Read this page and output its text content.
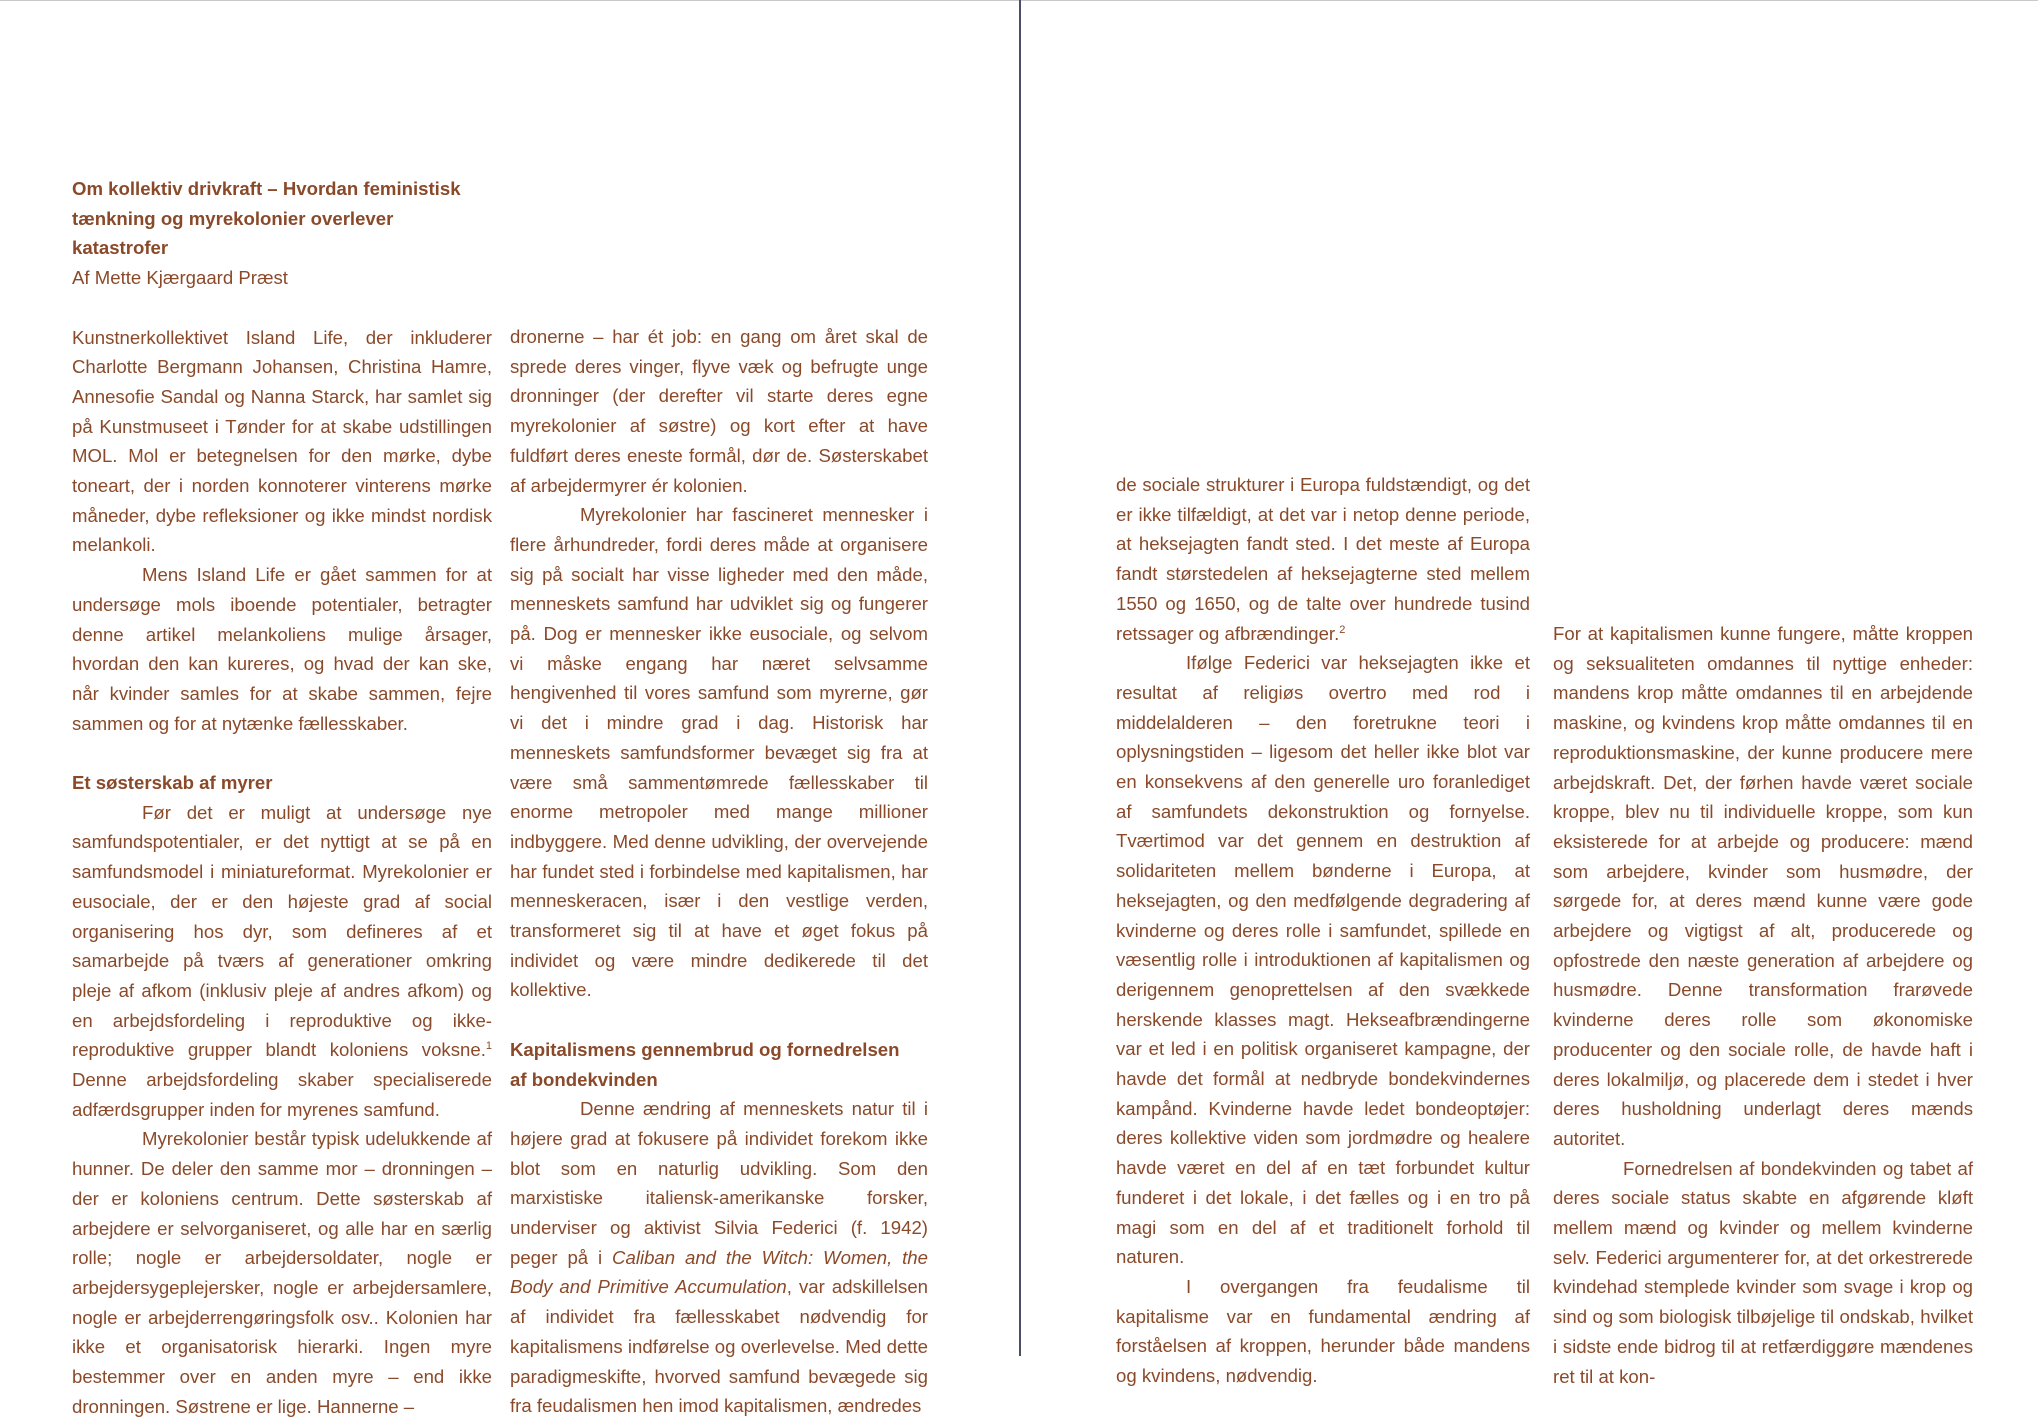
Om kollektiv drivkraft – Hvordan feministisk
tænkning og myrekolonier overlever katastrofer
Af Mette Kjærgaard Præst

Kunstnerkollektivet Island Life, der inkluderer Charlotte Bergmann Johansen, Christina Hamre, Annesofie Sandal og Nanna Starck, har samlet sig på Kunstmuseet i Tønder for at skabe udstillingen MOL. Mol er betegnelsen for den mørke, dybe toneart, der i norden konnoterer vinterens mørke måneder, dybe refleksioner og ikke mindst nordisk melankoli.

Mens Island Life er gået sammen for at undersøge mols iboende potentialer, betragter denne artikel melankoliens mulige årsager, hvordan den kan kureres, og hvad der kan ske, når kvinder samles for at skabe sammen, fejre sammen og for at nytænke fællesskaber.

Et søsterskab af myrer

Før det er muligt at undersøge nye samfundspotentialer, er det nyttigt at se på en samfundsmodel i miniatureformat. Myrekolonier er eusociale, der er den højeste grad af social organisering hos dyr, som defineres af et samarbejde på tværs af generationer omkring pleje af afkom (inklusiv pleje af andres afkom) og en arbejdsfordeling i reproduktive og ikke-reproduktive grupper blandt koloniens voksne.$^1$ Denne arbejdsfordeling skaber specialiserede adfærdsgrupper inden for myrenes samfund.

Myrekolonier består typisk udelukkende af hunner. De deler den samme mor – dronningen – der er koloniens centrum. Dette søsterskab af arbejdere er selvorganiseret, og alle har en særlig rolle; nogle er arbejdersoldater, nogle er arbejdersygeplejersker, nogle er arbejdersamlere, nogle er arbejderrengøringsfolk osv.. Kolonien har ikke et organisatorisk hierarki. Ingen myre bestemmer over en anden myre – end ikke dronningen. Søstrene er lige. Hannerne –

dronerne – har ét job: en gang om året skal de sprede deres vinger, flyve væk og befrugte unge dronninger (der derefter vil starte deres egne myrekolonier af søstre) og kort efter at have fuldført deres eneste formål, dør de. Søsterskabet af arbejdermyrer ér kolonien.

Myrekolonier har fascineret mennesker i flere århundreder, fordi deres måde at organisere sig på socialt har visse ligheder med den måde, menneskets samfund har udviklet sig og fungerer på. Dog er mennesker ikke eusociale, og selvom vi måske engang har næret selvsamme hengivenhed til vores samfund som myrerne, gør vi det i mindre grad i dag. Historisk har menneskets samfundsformer bevæget sig fra at være små sammentømrede fællesskaber til enorme metropoler med mange millioner indbyggere. Med denne udvikling, der overvejende har fundet sted i forbindelse med kapitalismen, har menneskeracen, især i den vestlige verden, transformeret sig til at have et øget fokus på individet og være mindre dedikerede til det kollektive.

Kapitalismens gennembrud og fornedrelsen
af bondekvinden

Denne ændring af menneskets natur til i højere grad at fokusere på individet forekom ikke blot som en naturlig udvikling. Som den marxistiske italiensk-amerikanske forsker, underviser og aktivist Silvia Federici (f. 1942) peger på i Caliban and the Witch: Women, the Body and Primitive Accumulation, var adskillelsen af individet fra fællesskabet nødvendig for kapitalismens indførelse og overlevelse. Med dette paradigmeskifte, hvorved samfund bevægede sig fra feudalismen hen imod kapitalismen, ændredes

de sociale strukturer i Europa fuldstændigt, og det er ikke tilfældigt, at det var i netop denne periode, at heksejagten fandt sted. I det meste af Europa fandt størstedelen af heksejagterne sted mellem 1550 og 1650, og de talte over hundrede tusind retssager og afbrændinger.$^2$

Ifølge Federici var heksejagten ikke et resultat af religiøs overtro med rod i middelalderen – den foretrukne teori i oplysningstiden – ligesom det heller ikke blot var en konsekvens af den generelle uro foranlediget af samfundets dekonstruktion og fornyelse. Tværtimod var det gennem en destruktion af solidariteten mellem bønderne i Europa, at heksejagten, og den medfølgende degradering af kvinderne og deres rolle i samfundet, spillede en væsentlig rolle i introduktionen af kapitalismen og derigennem genoprettelsen af den svækkede herskende klasses magt. Hekseafbrændingerne var et led i en politisk organiseret kampagne, der havde det formål at nedbryde bondekvindernes kampånd. Kvinderne havde ledet bondeoptøjer: deres kollektive viden som jordmødre og healere havde været en del af en tæt forbundet kultur funderet i det lokale, i det fælles og i en tro på magi som en del af et traditionelt forhold til naturen.

I overgangen fra feudalisme til kapitalisme var en fundamental ændring af forståelsen af kroppen, herunder både mandens og kvindens, nødvendig.

For at kapitalismen kunne fungere, måtte kroppen og seksualiteten omdannes til nyttige enheder: mandens krop måtte omdannes til en arbejdende maskine, og kvindens krop måtte omdannes til en reproduktionsmaskine, der kunne producere mere arbejdskraft. Det, der førhen havde været sociale kroppe, blev nu til individuelle kroppe, som kun eksisterede for at arbejde og producere: mænd som arbejdere, kvinder som husmødre, der sørgede for, at deres mænd kunne være gode arbejdere og vigtigst af alt, producerede og opfostrede den næste generation af arbejdere og husmødre. Denne transformation frarøvede kvinderne deres rolle som økonomiske producenter og den sociale rolle, de havde haft i deres lokalmiljø, og placerede dem i stedet i hver deres husholdning underlagt deres mænds autoritet.

Fornedrelsen af bondekvinden og tabet af deres sociale status skabte en afgørende kløft mellem mænd og kvinder og mellem kvinderne selv. Federici argumenterer for, at det orkestrerede kvindehad stemplede kvinder som svage i krop og sind og som biologisk tilbøjelige til ondskab, hvilket i sidste ende bidrog til at retfærdiggøre mændenes ret til at kon-
